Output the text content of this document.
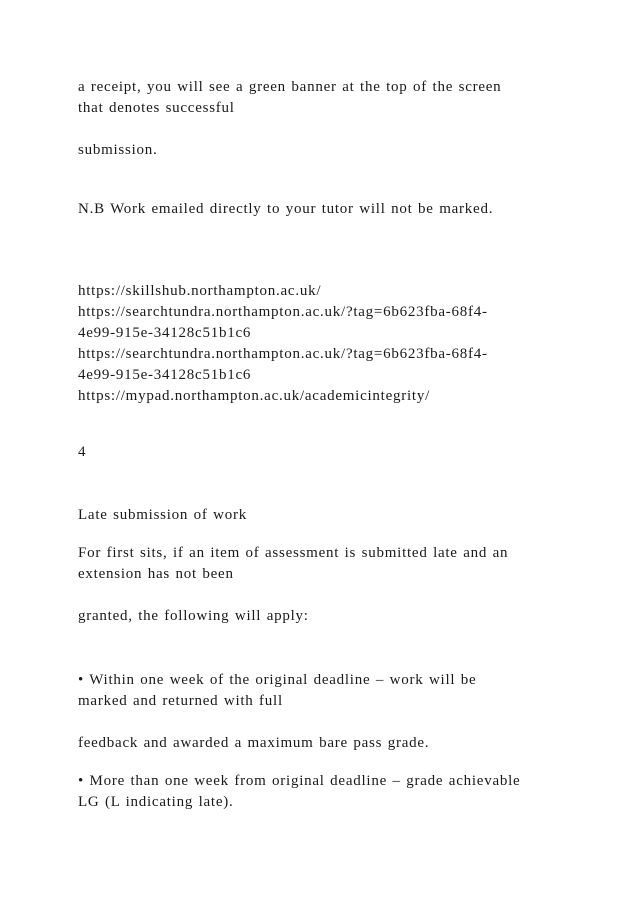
a receipt, you will see a green banner at the top of the screen
that denotes successful
submission.
N.B Work emailed directly to your tutor will not be marked.
https://skillshub.northampton.ac.uk/
https://searchtundra.northampton.ac.uk/?tag=6b623fba-68f4-
4e99-915e-34128c51b1c6
https://searchtundra.northampton.ac.uk/?tag=6b623fba-68f4-
4e99-915e-34128c51b1c6
https://mypad.northampton.ac.uk/academicintegrity/
4
Late submission of work
For first sits, if an item of assessment is submitted late and an
extension has not been
granted, the following will apply:
• Within one week of the original deadline – work will be
marked and returned with full
feedback and awarded a maximum bare pass grade.
• More than one week from original deadline – grade achievable
LG (L indicating late).
